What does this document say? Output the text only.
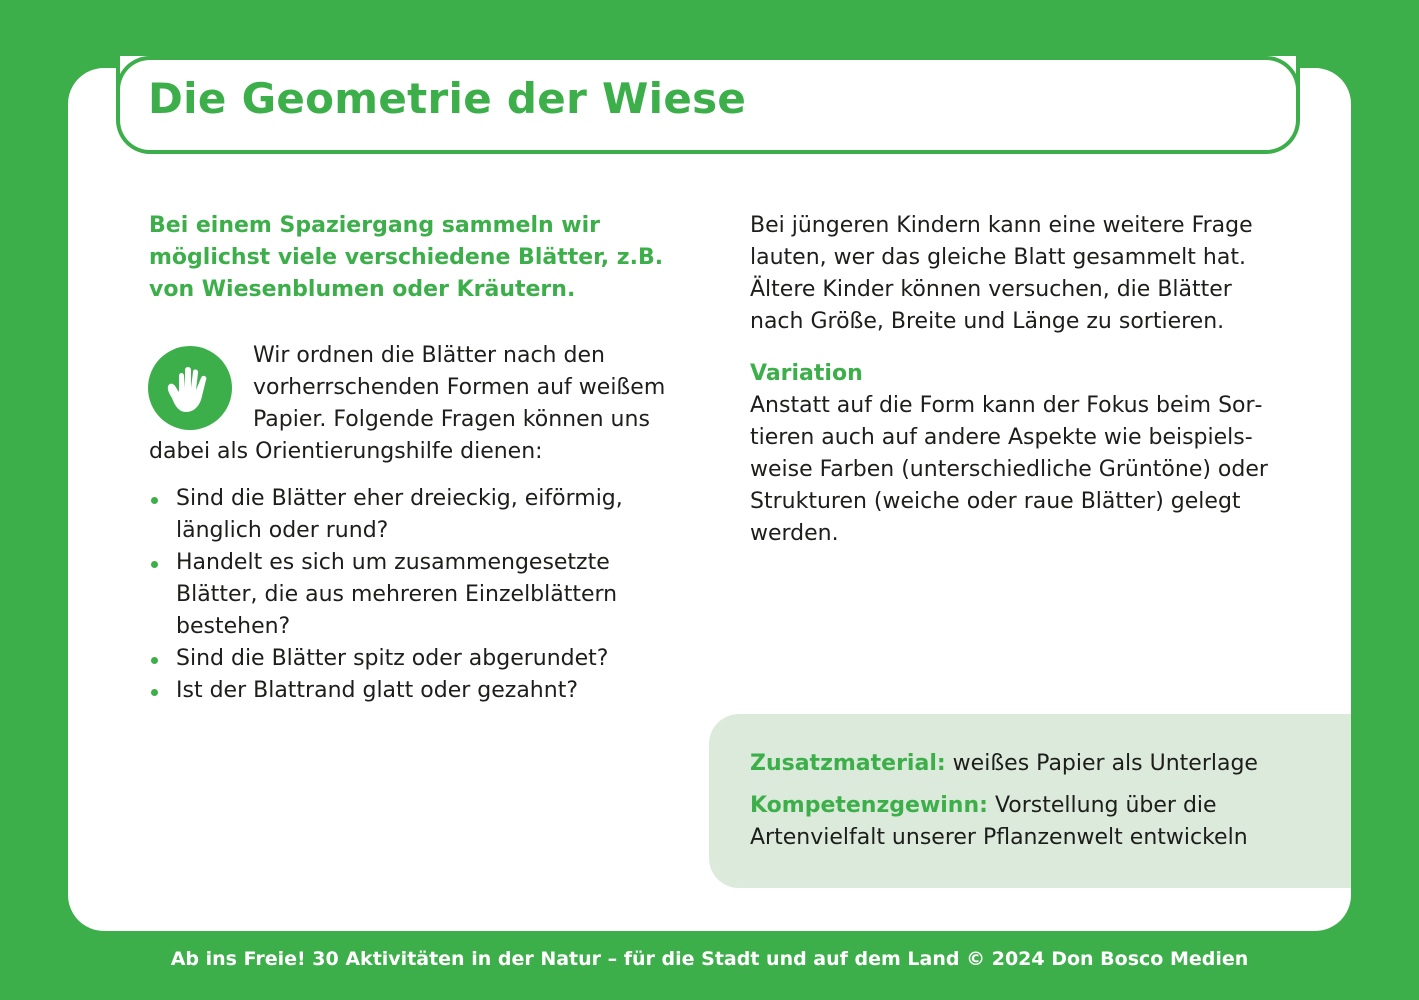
Die Geometrie der Wiese

Bei einem Spaziergang sammeln wir möglichst viele verschiedene Blätter, z.B. von Wiesenblumen oder Kräutern.

Wir ordnen die Blätter nach den vorherrschenden Formen auf weißem Papier. Folgende Fragen können uns dabei als Orientierungshilfe dienen:
Sind die Blätter eher dreieckig, eiförmig, länglich oder rund?
Handelt es sich um zusammengesetzte Blätter, die aus mehreren Einzelblättern bestehen?
Sind die Blätter spitz oder abgerundet?
Ist der Blattrand glatt oder gezahnt?

Bei jüngeren Kindern kann eine weitere Frage lauten, wer das gleiche Blatt gesammelt hat. Ältere Kinder können versuchen, die Blätter nach Größe, Breite und Länge zu sortieren.

Variation

Anstatt auf die Form kann der Fokus beim Sortieren auch auf andere Aspekte wie beispielsweise Farben (unterschiedliche Grüntöne) oder Strukturen (weiche oder raue Blätter) gelegt werden.

Zusatzmaterial: weißes Papier als Unterlage

Kompetenzgewinn: Vorstellung über die Artenvielfalt unserer Pflanzenwelt entwickeln

Ab ins Freie! 30 Aktivitäten in der Natur – für die Stadt und auf dem Land © 2024 Don Bosco Medien
